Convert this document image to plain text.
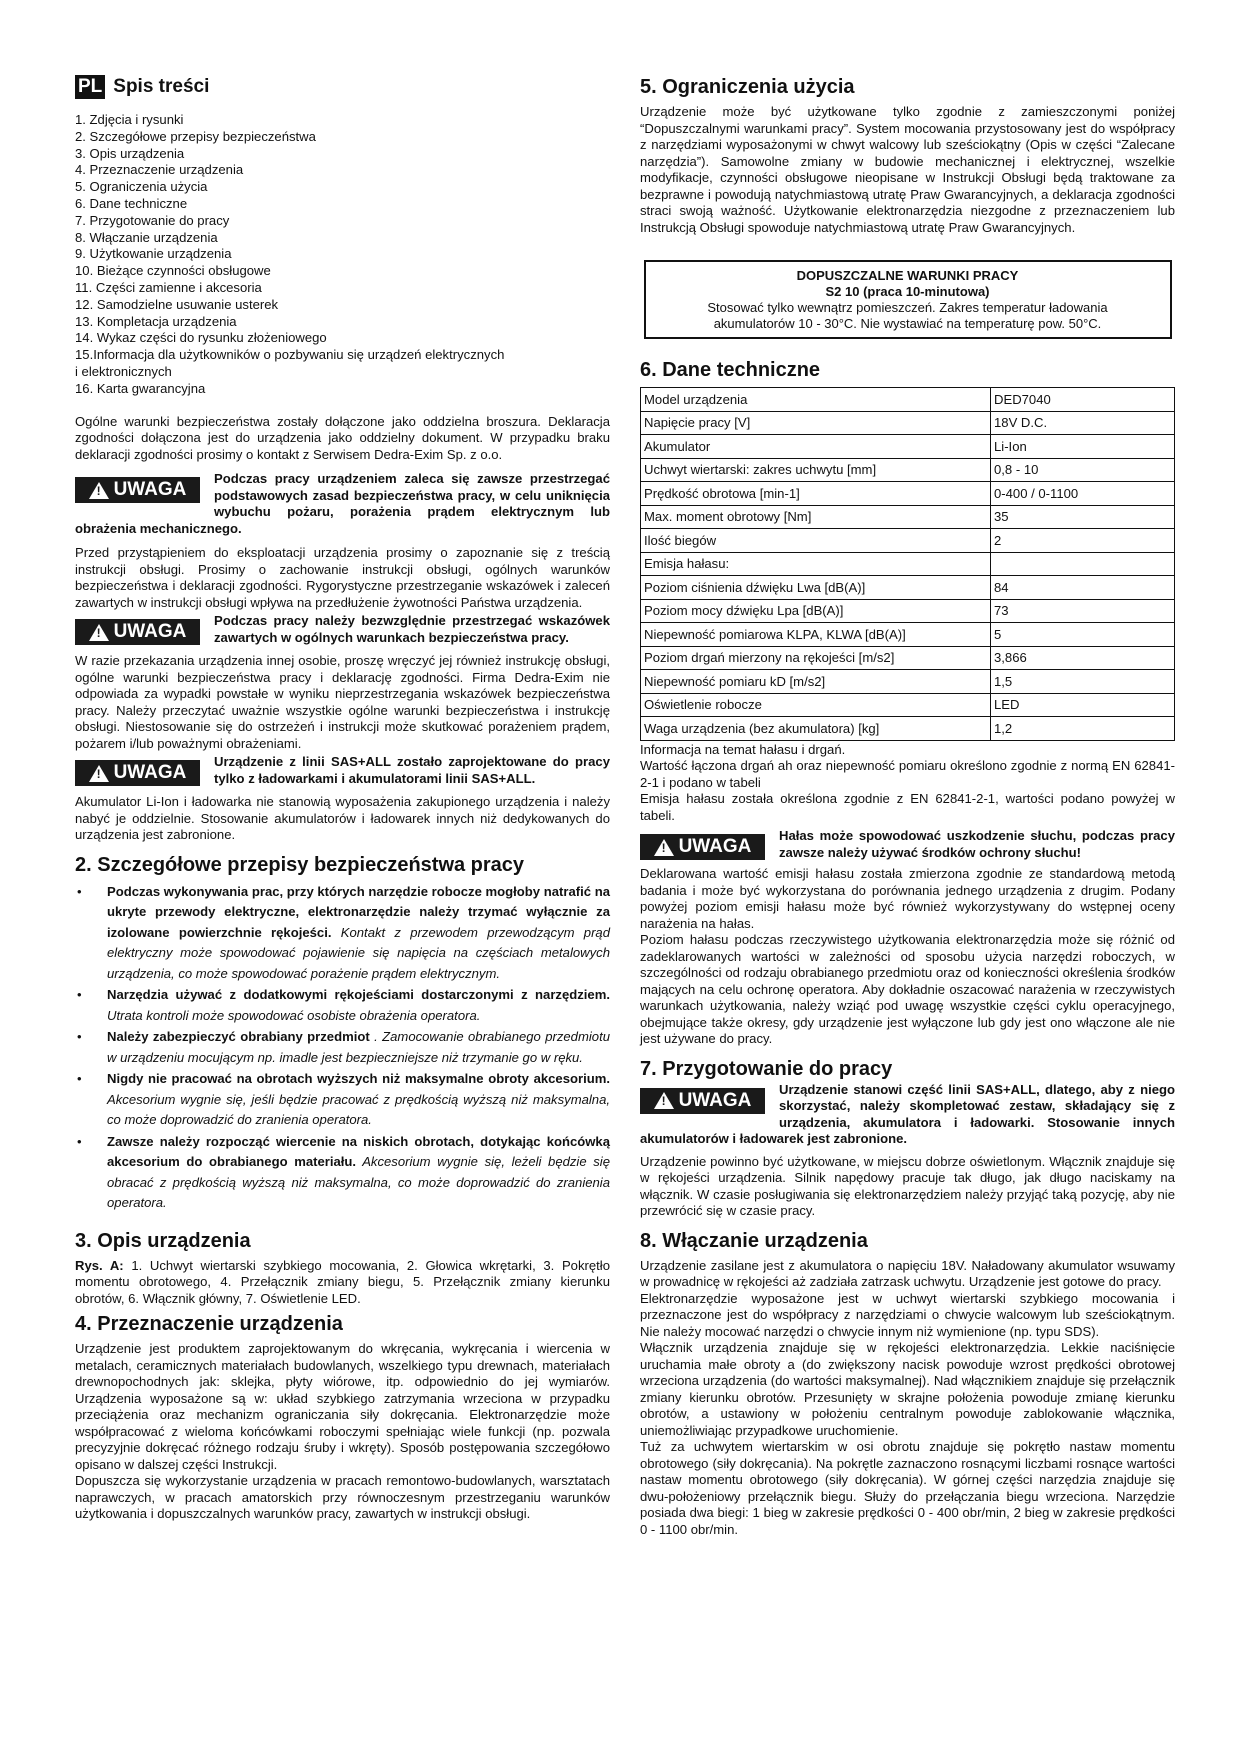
PL Spis treści
1. Zdjęcia i rysunki
2. Szczegółowe przepisy bezpieczeństwa
3. Opis urządzenia
4. Przeznaczenie urządzenia
5. Ograniczenia użycia
6. Dane techniczne
7. Przygotowanie do pracy
8. Włączanie urządzenia
9. Użytkowanie urządzenia
10. Bieżące czynności obsługowe
11. Części zamienne i akcesoria
12. Samodzielne usuwanie usterek
13. Kompletacja urządzenia
14. Wykaz części do rysunku złożeniowego
15.Informacja dla użytkowników o pozbywaniu się urządzeń elektrycznych
i elektronicznych
16. Karta gwarancyjna

Ogólne warunki bezpieczeństwa zostały dołączone jako oddzielna broszura. Deklaracja zgodności dołączona jest do urządzenia jako oddzielny dokument. W przypadku braku deklaracji zgodności prosimy o kontakt z Serwisem Dedra-Exim Sp. z o.o.

!
UWAGA

Podczas pracy urządzeniem zaleca się zawsze przestrzegać podstawowych zasad bezpieczeństwa pracy, w celu uniknięcia wybuchu pożaru, porażenia prądem elektrycznym lub obrażenia mechanicznego.

Przed przystąpieniem do eksploatacji urządzenia prosimy o zapoznanie się z treścią instrukcji obsługi. Prosimy o zachowanie instrukcji obsługi, ogólnych warunków bezpieczeństwa i deklaracji zgodności. Rygorystyczne przestrzeganie wskazówek i zaleceń zawartych w instrukcji obsługi wpływa na przedłużenie żywotności Państwa urządzenia.

!
UWAGA

Podczas pracy należy bezwzględnie przestrzegać wskazówek zawartych w ogólnych warunkach bezpieczeństwa pracy.

W razie przekazania urządzenia innej osobie, proszę wręczyć jej również instrukcję obsługi, ogólne warunki bezpieczeństwa pracy i deklarację zgodności. Firma Dedra-Exim nie odpowiada za wypadki powstałe w wyniku nieprzestrzegania wskazówek bezpieczeństwa pracy. Należy przeczytać uważnie wszystkie ogólne warunki bezpieczeństwa i instrukcję obsługi. Niestosowanie się do ostrzeżeń i instrukcji może skutkować porażeniem prądem, pożarem i/lub poważnymi obrażeniami.

!
UWAGA

Urządzenie z linii SAS+ALL zostało zaprojektowane do pracy tylko z ładowarkami i akumulatorami linii SAS+ALL.

Akumulator Li-Ion i ładowarka nie stanowią wyposażenia zakupionego urządzenia i należy nabyć je oddzielnie. Stosowanie akumulatorów i ładowarek innych niż dedykowanych do urządzenia jest zabronione.

2. Szczegółowe przepisy bezpieczeństwa pracy
• Podczas wykonywania prac, przy których narzędzie robocze mogłoby natrafić na ukryte przewody elektryczne, elektronarzędzie należy trzymać wyłącznie za izolowane powierzchnie rękojeści. Kontakt z przewodem przewodzącym prąd elektryczny może spowodować pojawienie się napięcia na częściach metalowych urządzenia, co może spowodować porażenie prądem elektrycznym.
• Narzędzia używać z dodatkowymi rękojeściami dostarczonymi z narzędziem. Utrata kontroli może spowodować osobiste obrażenia operatora.
• Należy zabezpieczyć obrabiany przedmiot . Zamocowanie obrabianego przedmiotu w urządzeniu mocującym np. imadle jest bezpieczniejsze niż trzymanie go w ręku.
• Nigdy nie pracować na obrotach wyższych niż maksymalne obroty akcesorium. Akcesorium wygnie się, jeśli będzie pracować z prędkością wyższą niż maksymalna, co może doprowadzić do zranienia operatora.
• Zawsze należy rozpocząć wiercenie na niskich obrotach, dotykając końcówką akcesorium do obrabianego materiału. Akcesorium wygnie się, leżeli będzie się obracać z prędkością wyższą niż maksymalna, co może doprowadzić do zranienia operatora.
3. Opis urządzenia

Rys. A: 1. Uchwyt wiertarski szybkiego mocowania, 2. Głowica wkrętarki, 3. Pokrętło momentu obrotowego, 4. Przełącznik zmiany biegu, 5. Przełącznik zmiany kierunku obrotów, 6. Włącznik główny, 7. Oświetlenie LED.

4. Przeznaczenie urządzenia

Urządzenie jest produktem zaprojektowanym do wkręcania, wykręcania i wiercenia w metalach, ceramicznych materiałach budowlanych, wszelkiego typu drewnach, materiałach drewnopochodnych jak: sklejka, płyty wiórowe, itp. odpowiednio do jej wymiarów. Urządzenia wyposażone są w: układ szybkiego zatrzymania wrzeciona w przypadku przeciążenia oraz mechanizm ograniczania siły dokręcania. Elektronarzędzie może współpracować z wieloma końcówkami roboczymi spełniając wiele funkcji (np. pozwala precyzyjnie dokręcać różnego rodzaju śruby i wkręty). Sposób postępowania szczegółowo opisano w dalszej części Instrukcji.

Dopuszcza się wykorzystanie urządzenia w pracach remontowo-budowlanych, warsztatach naprawczych, w pracach amatorskich przy równoczesnym przestrzeganiu warunków użytkowania i dopuszczalnych warunków pracy, zawartych w instrukcji obsługi.

5. Ograniczenia użycia

Urządzenie może być użytkowane tylko zgodnie z zamieszczonymi poniżej “Dopuszczalnymi warunkami pracy”. System mocowania przystosowany jest do współpracy z narzędziami wyposażonymi w chwyt walcowy lub sześciokątny (Opis w części “Zalecane narzędzia”). Samowolne zmiany w budowie mechanicznej i elektrycznej, wszelkie modyfikacje, czynności obsługowe nieopisane w Instrukcji Obsługi będą traktowane za bezprawne i powodują natychmiastową utratę Praw Gwarancyjnych, a deklaracja zgodności straci swoją ważność. Użytkowanie elektronarzędzia niezgodne z przeznaczeniem lub Instrukcją Obsługi spowoduje natychmiastową utratę Praw Gwarancyjnych.

DOPUSZCZALNE WARUNKI PRACY
S2 10 (praca 10-minutowa)
Stosować tylko wewnątrz pomieszczeń. Zakres temperatur ładowania
akumulatorów 10 - 30°C. Nie wystawiać na temperaturę pow. 50°C.
6. Dane techniczne
Model urządzenia	DED7040
Napięcie pracy [V]	18V D.C.
Akumulator	Li-Ion
Uchwyt wiertarski: zakres uchwytu [mm]	0,8 - 10
Prędkość obrotowa [min-1]	0-400 / 0-1100
Max. moment obrotowy [Nm]	35
Ilość biegów	2
Emisja hałasu:	
Poziom ciśnienia dźwięku Lwa [dB(A)]	84
Poziom mocy dźwięku Lpa [dB(A)]	73
Niepewność pomiarowa KLPA, KLWA [dB(A)]	5
Poziom drgań mierzony na rękojeści [m/s2]	3,866
Niepewność pomiaru kD [m/s2]	1,5
Oświetlenie robocze	LED
Waga urządzenia (bez akumulatora) [kg]	1,2

Informacja na temat hałasu i drgań.

Wartość łączona drgań ah oraz niepewność pomiaru określono zgodnie z normą EN 62841-2-1 i podano w tabeli

Emisja hałasu została określona zgodnie z EN 62841-2-1, wartości podano powyżej w tabeli.

!
UWAGA

Hałas może spowodować uszkodzenie słuchu, podczas pracy zawsze należy używać środków ochrony słuchu!

Deklarowana wartość emisji hałasu została zmierzona zgodnie ze standardową metodą badania i może być wykorzystana do porównania jednego urządzenia z drugim. Podany powyżej poziom emisji hałasu może być również wykorzystywany do wstępnej oceny narażenia na hałas.

Poziom hałasu podczas rzeczywistego użytkowania elektronarzędzia może się różnić od zadeklarowanych wartości w zależności od sposobu użycia narzędzi roboczych, w szczególności od rodzaju obrabianego przedmiotu oraz od konieczności określenia środków mających na celu ochronę operatora. Aby dokładnie oszacować narażenia w rzeczywistych warunkach użytkowania, należy wziąć pod uwagę wszystkie części cyklu operacyjnego, obejmujące także okresy, gdy urządzenie jest wyłączone lub gdy jest ono włączone ale nie jest używane do pracy.

7. Przygotowanie do pracy
!
UWAGA

Urządzenie stanowi część linii SAS+ALL, dlatego, aby z niego skorzystać, należy skompletować zestaw, składający się z urządzenia, akumulatora i ładowarki. Stosowanie innych akumulatorów i ładowarek jest zabronione.

Urządzenie powinno być użytkowane, w miejscu dobrze oświetlonym. Włącznik znajduje się w rękojeści urządzenia. Silnik napędowy pracuje tak długo, jak długo naciskamy na włącznik. W czasie posługiwania się elektronarzędziem należy przyjąć taką pozycję, aby nie przewrócić się w czasie pracy.

8. Włączanie urządzenia

Urządzenie zasilane jest z akumulatora o napięciu 18V. Naładowany akumulator wsuwamy w prowadnicę w rękojeści aż zadziała zatrzask uchwytu. Urządzenie jest gotowe do pracy.

Elektronarzędzie wyposażone jest w uchwyt wiertarski szybkiego mocowania i przeznaczone jest do współpracy z narzędziami o chwycie walcowym lub sześciokątnym. Nie należy mocować narzędzi o chwycie innym niż wymienione (np. typu SDS).

Włącznik urządzenia znajduje się w rękojeści elektronarzędzia. Lekkie naciśnięcie uruchamia małe obroty a (do zwiększony nacisk powoduje wzrost prędkości obrotowej wrzeciona urządzenia (do wartości maksymalnej). Nad włącznikiem znajduje się przełącznik zmiany kierunku obrotów. Przesunięty w skrajne położenia powoduje zmianę kierunku obrotów, a ustawiony w położeniu centralnym powoduje zablokowanie włącznika, uniemożliwiając przypadkowe uruchomienie.

Tuż za uchwytem wiertarskim w osi obrotu znajduje się pokrętło nastaw momentu obrotowego (siły dokręcania). Na pokrętle zaznaczono rosnącymi liczbami rosnące wartości nastaw momentu obrotowego (siły dokręcania). W górnej części narzędzia znajduje się dwu-położeniowy przełącznik biegu. Służy do przełączania biegu wrzeciona. Narzędzie posiada dwa biegi: 1 bieg w zakresie prędkości 0 - 400 obr/min, 2 bieg w zakresie prędkości 0 - 1100 obr/min.
